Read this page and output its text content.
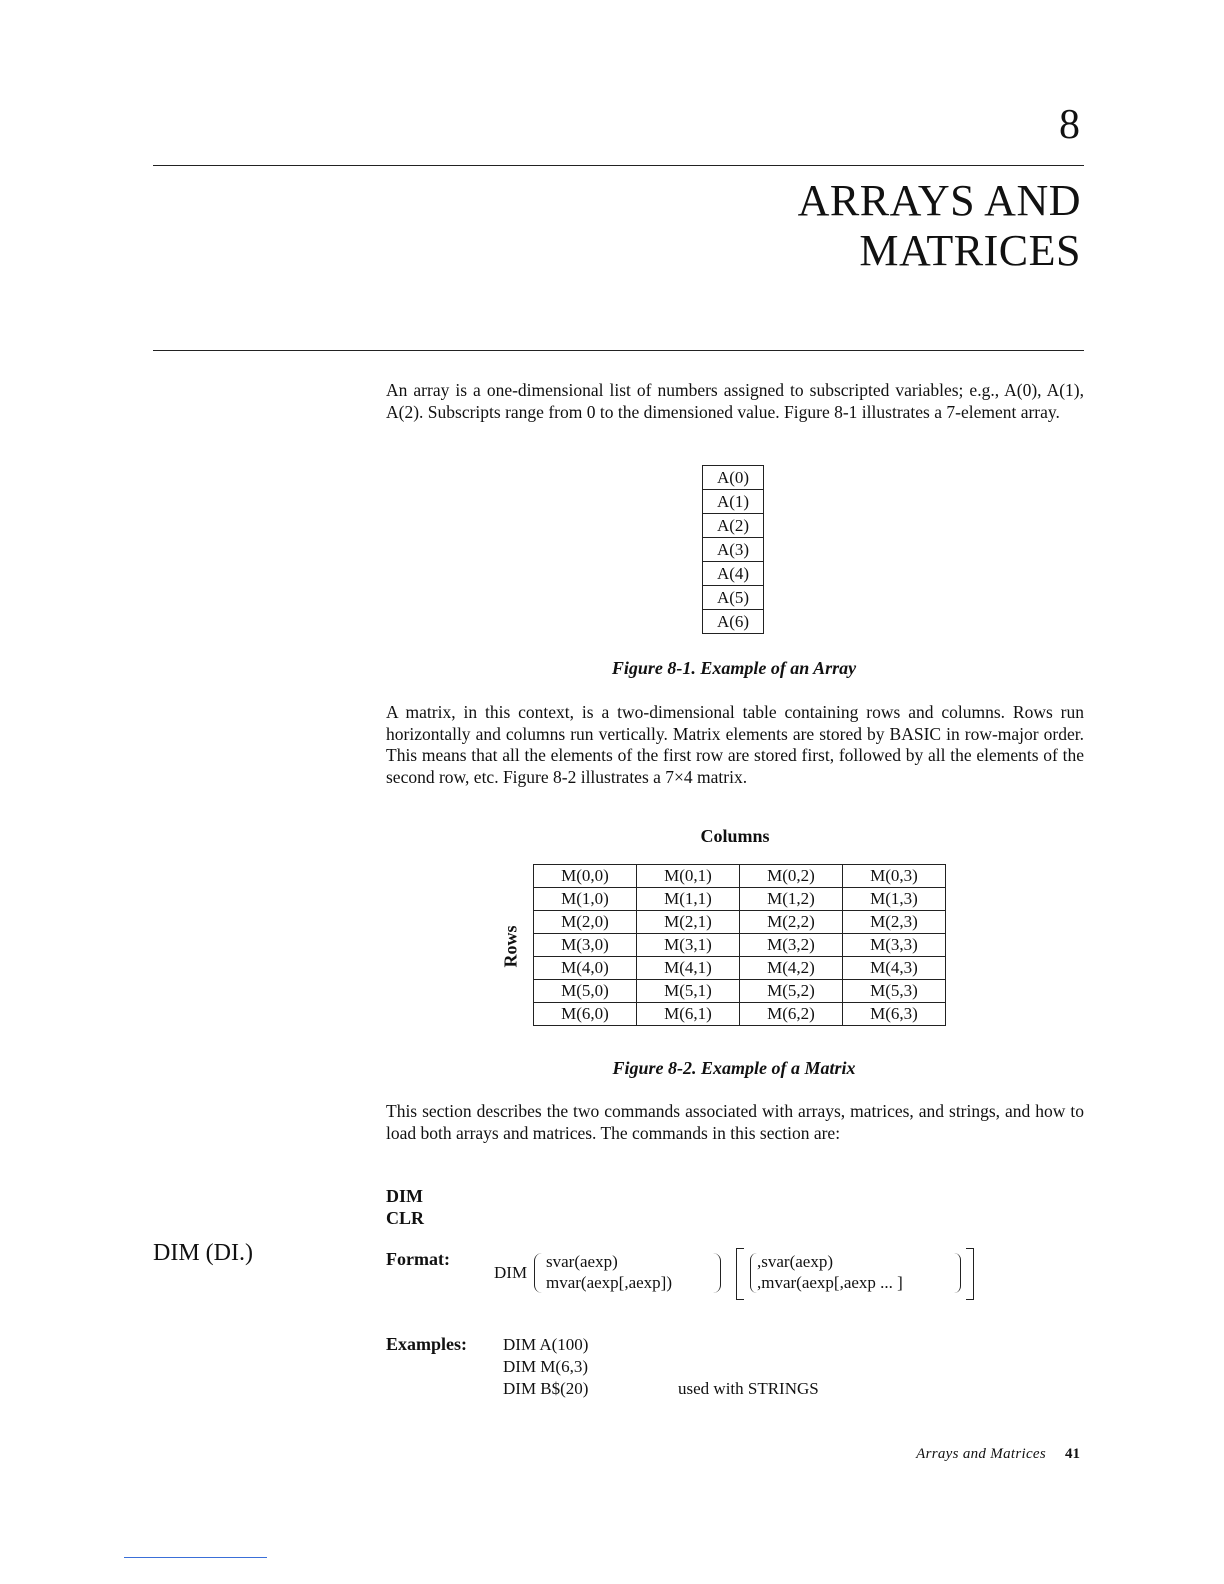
8
ARRAYS AND
MATRICES

An array is a one-dimensional list of numbers assigned to subscripted variables; e.g., A(0), A(1), A(2). Subscripts range from 0 to the dimensioned value. Figure 8-1 illustrates a 7-element array.

A(0)
A(1)
A(2)
A(3)
A(4)
A(5)
A(6)
Figure 8-1. Example of an Array

A matrix, in this context, is a two-dimensional table containing rows and columns. Rows run horizontally and columns run vertically. Matrix elements are stored by BASIC in row-major order. This means that all the elements of the first row are stored first, followed by all the elements of the second row, etc. Figure 8-2 illustrates a 7×4 matrix.

Columns
Rows
M(0,0)	M(0,1)	M(0,2)	M(0,3)
M(1,0)	M(1,1)	M(1,2)	M(1,3)
M(2,0)	M(2,1)	M(2,2)	M(2,3)
M(3,0)	M(3,1)	M(3,2)	M(3,3)
M(4,0)	M(4,1)	M(4,2)	M(4,3)
M(5,0)	M(5,1)	M(5,2)	M(5,3)
M(6,0)	M(6,1)	M(6,2)	M(6,3)
Figure 8-2. Example of a Matrix

This section describes the two commands associated with arrays, matrices, and strings, and how to load both arrays and matrices. The commands in this section are:

DIM
CLR
DIM (DI.)	Format:
DIM
svar(aexp)
mvar(aexp[,aexp])
,svar(aexp)
,mvar(aexp[,aexp ... ]
Examples: DIM A(100)
DIM M(6,3)
DIM B$(20)	used with STRINGS
Arrays and Matrices 41
